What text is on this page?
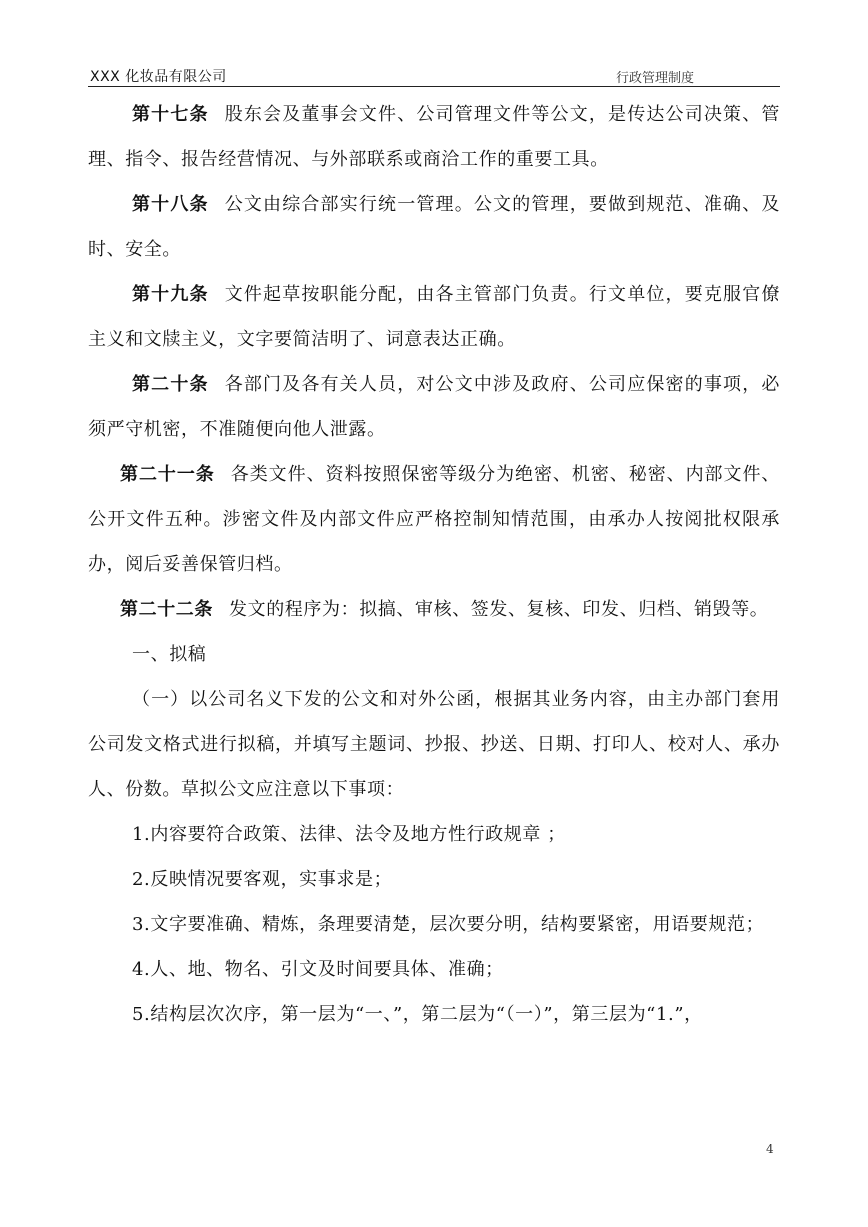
XXX 化妆品有限公司	行政管理制度

第十七条 股东会及董事会文件、公司管理文件等公文，是传达公司决策、管理、指令、报告经营情况、与外部联系或商洽工作的重要工具。

第十八条 公文由综合部实行统一管理。公文的管理，要做到规范、准确、及时、安全。

第十九条 文件起草按职能分配，由各主管部门负责。行文单位，要克服官僚主义和文牍主义，文字要简洁明了、词意表达正确。

第二十条 各部门及各有关人员，对公文中涉及政府、公司应保密的事项，必须严守机密，不准随便向他人泄露。

第二十一条 各类文件、资料按照保密等级分为绝密、机密、秘密、内部文件、公开文件五种。涉密文件及内部文件应严格控制知情范围，由承办人按阅批权限承办，阅后妥善保管归档。

第二十二条 发文的程序为：拟搞、审核、签发、复核、印发、归档、销毁等。

一、拟稿

（一）以公司名义下发的公文和对外公函，根据其业务内容，由主办部门套用公司发文格式进行拟稿，并填写主题词、抄报、抄送、日期、打印人、校对人、承办人、份数。草拟公文应注意以下事项：

1.内容要符合政策、法律、法令及地方性行政规章 ；

2.反映情况要客观，实事求是；

3.文字要准确、精炼，条理要清楚，层次要分明，结构要紧密，用语要规范；

4.人、地、物名、引文及时间要具体、准确；

5.结构层次次序，第一层为“一、”，第二层为“（一）”，第三层为“1.”，

4
